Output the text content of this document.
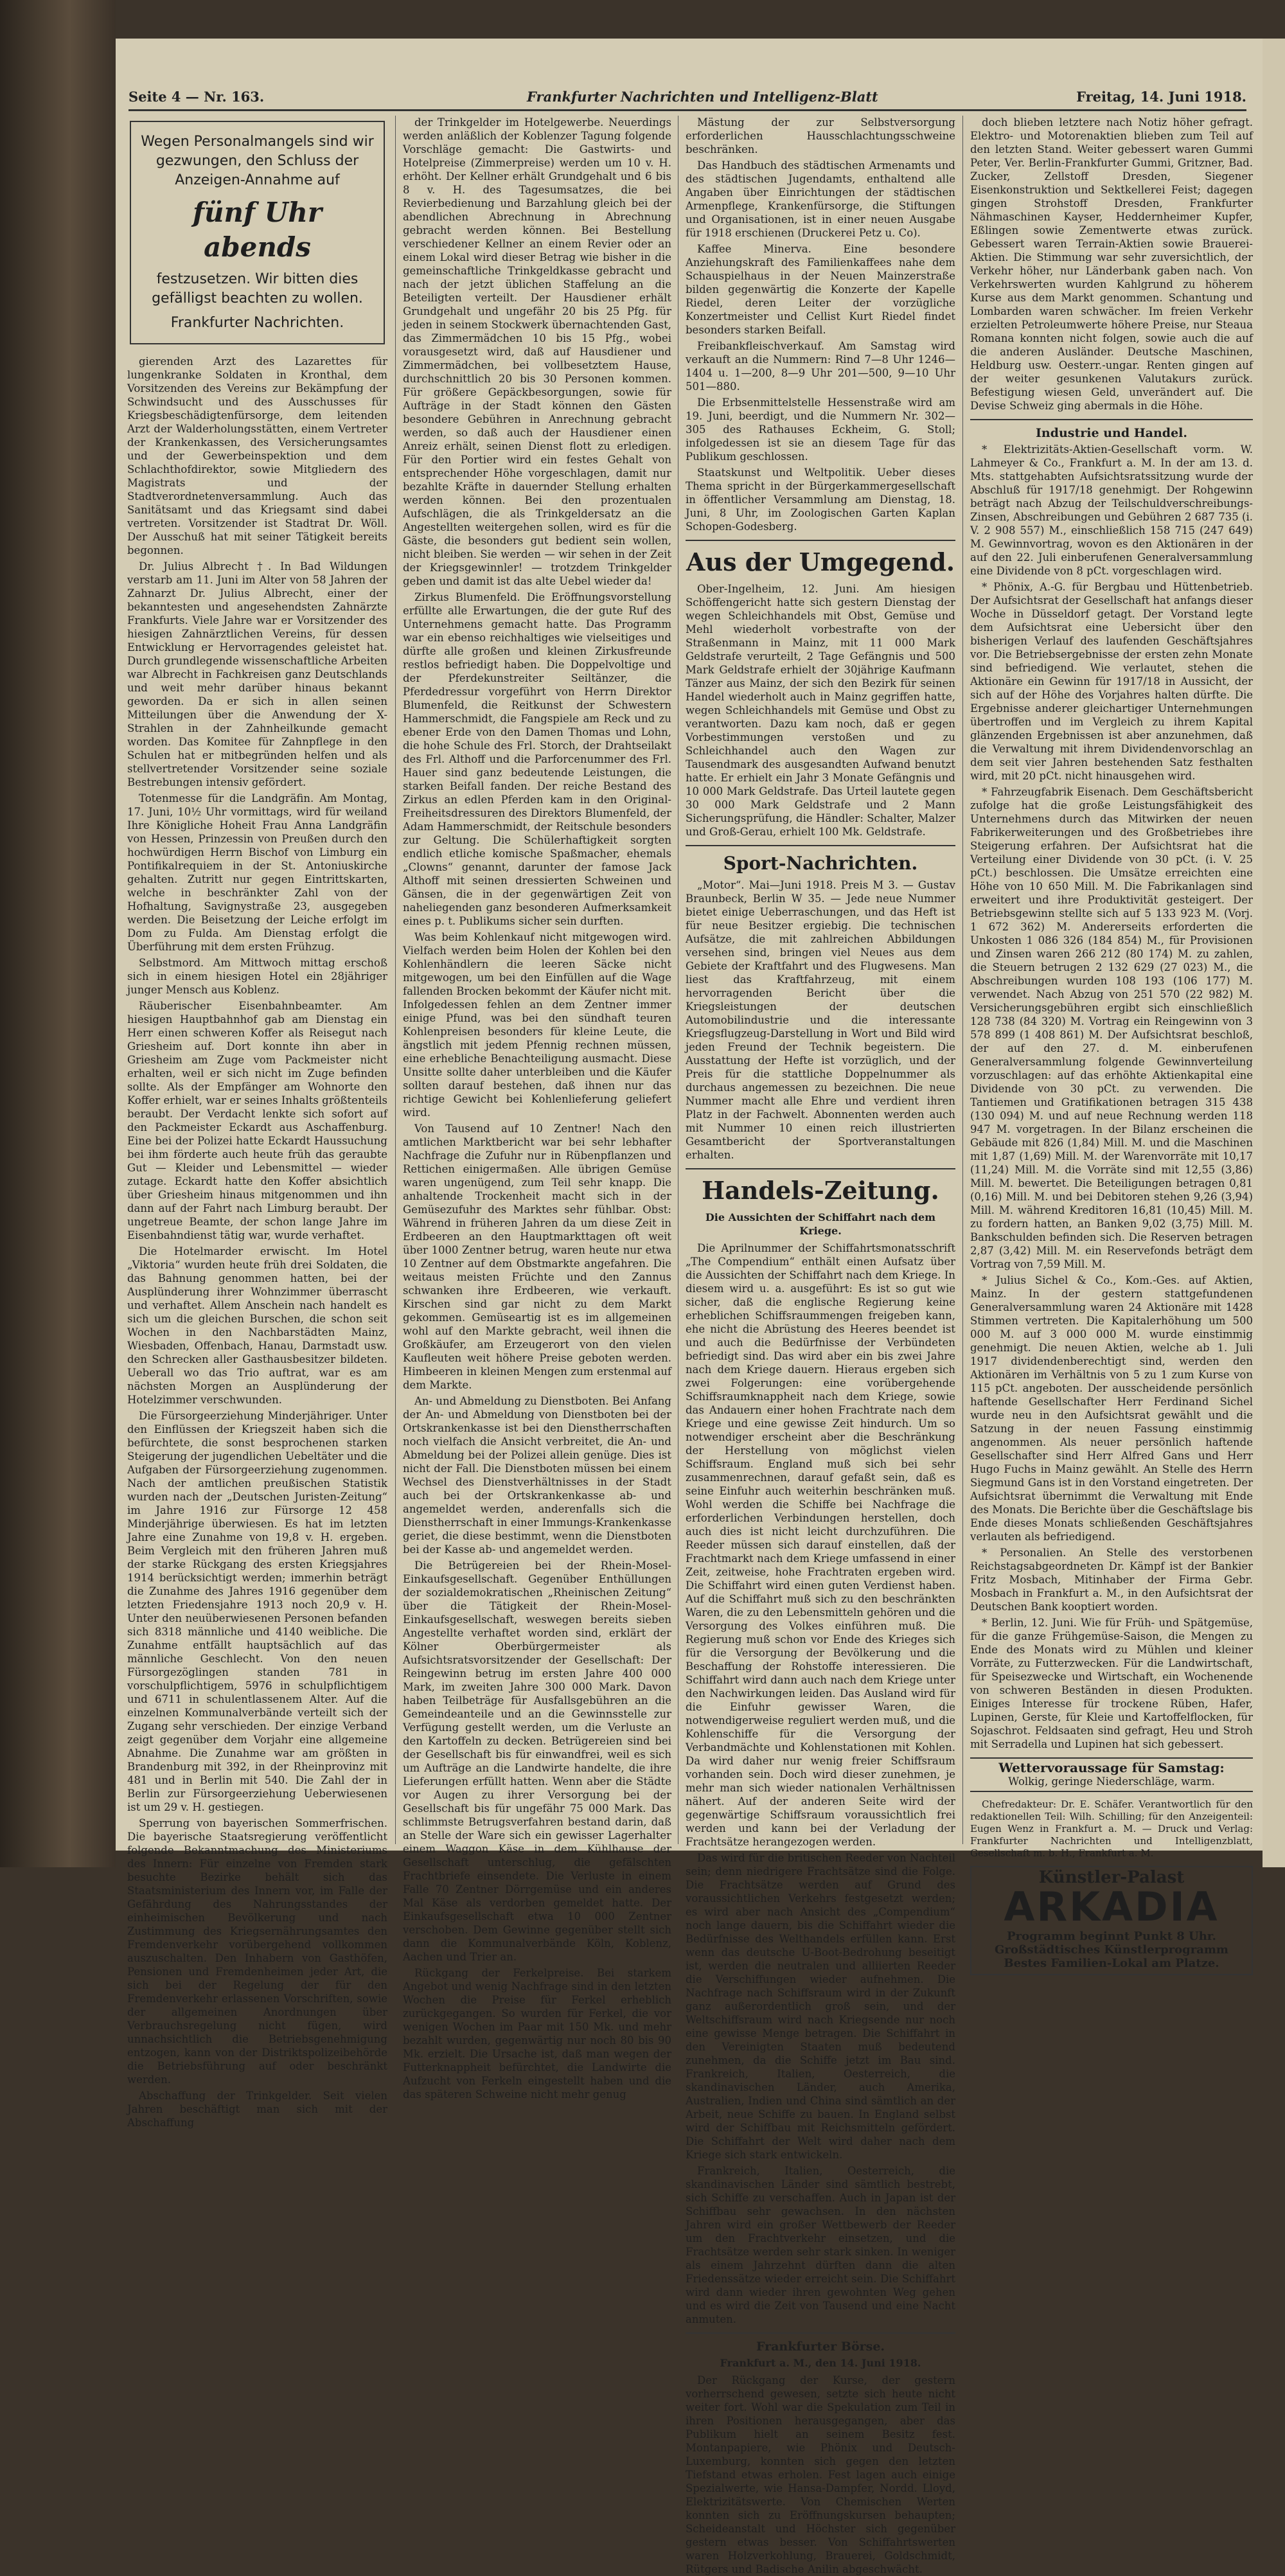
Seite 4 — Nr. 163.	Frankfurter Nachrichten und Intelligenz-Blatt	Freitag, 14. Juni 1918.
Wegen Personalmangels sind wir gezwungen, den Schluss der Anzeigen-Annahme auf
fünf Uhr abends
festzusetzen. Wir bitten dies gefälligst beachten zu wollen.
Frankfurter Nachrichten.

gierenden Arzt des Lazarettes für lungenkranke Soldaten in Kronthal, dem Vorsitzenden des Vereins zur Bekämpfung der Schwindsucht und des Ausschusses für Kriegsbeschädigtenfürsorge, dem leitenden Arzt der Walderholungsstätten, einem Vertreter der Krankenkassen, des Versicherungsamtes und der Gewerbeinspektion und dem Schlachthofdirektor, sowie Mitgliedern des Magistrats und der Stadtverordnetenversammlung. Auch das Sanitätsamt und das Kriegsamt sind dabei vertreten. Vorsitzender ist Stadtrat Dr. Wöll. Der Ausschuß hat mit seiner Tätigkeit bereits begonnen.

Dr. Julius Albrecht †. In Bad Wildungen verstarb am 11. Juni im Alter von 58 Jahren der Zahnarzt Dr. Julius Albrecht, einer der bekanntesten und angesehendsten Zahnärzte Frankfurts. Viele Jahre war er Vorsitzender des hiesigen Zahnärztlichen Vereins, für dessen Entwicklung er Hervorragendes geleistet hat. Durch grundlegende wissenschaftliche Arbeiten war Albrecht in Fachkreisen ganz Deutschlands und weit mehr darüber hinaus bekannt geworden. Da er sich in allen seinen Mitteilungen über die Anwendung der X-Strahlen in der Zahnheilkunde gemacht worden. Das Komitee für Zahnpflege in den Schulen hat er mitbegründen helfen und als stellvertretender Vorsitzender seine soziale Bestrebungen intensiv gefördert.

Totenmesse für die Landgräfin. Am Montag, 17. Juni, 10½ Uhr vormittags, wird für weiland Ihre Königliche Hoheit Frau Anna Landgräfin von Hessen, Prinzessin von Preußen durch den hochwürdigen Herrn Bischof von Limburg ein Pontifikalrequiem in der St. Antoniuskirche gehalten. Zutritt nur gegen Eintrittskarten, welche in beschränkter Zahl von der Hofhaltung, Savignystraße 23, ausgegeben werden. Die Beisetzung der Leiche erfolgt im Dom zu Fulda. Am Dienstag erfolgt die Überführung mit dem ersten Frühzug.

Selbstmord. Am Mittwoch mittag erschoß sich in einem hiesigen Hotel ein 28jähriger junger Mensch aus Koblenz.

Räuberischer Eisenbahnbeamter. Am hiesigen Hauptbahnhof gab am Dienstag ein Herr einen schweren Koffer als Reisegut nach Griesheim auf. Dort konnte ihn aber in Griesheim am Zuge vom Packmeister nicht erhalten, weil er sich nicht im Zuge befinden sollte. Als der Empfänger am Wohnorte den Koffer erhielt, war er seines Inhalts größtenteils beraubt. Der Verdacht lenkte sich sofort auf den Packmeister Eckardt aus Aschaffenburg. Eine bei der Polizei hatte Eckardt Haussuchung bei ihm förderte auch heute früh das geraubte Gut — Kleider und Lebensmittel — wieder zutage. Eckardt hatte den Koffer absichtlich über Griesheim hinaus mitgenommen und ihn dann auf der Fahrt nach Limburg beraubt. Der ungetreue Beamte, der schon lange Jahre im Eisenbahndienst tätig war, wurde verhaftet.

Die Hotelmarder erwischt. Im Hotel „Viktoria“ wurden heute früh drei Soldaten, die das Bahnung genommen hatten, bei der Ausplünderung ihrer Wohnzimmer überrascht und verhaftet. Allem Anschein nach handelt es sich um die gleichen Burschen, die schon seit Wochen in den Nachbarstädten Mainz, Wiesbaden, Offenbach, Hanau, Darmstadt usw. den Schrecken aller Gasthausbesitzer bildeten. Ueberall wo das Trio auftrat, war es am nächsten Morgen an Ausplünderung der Hotelzimmer verschwunden.

Die Fürsorgeerziehung Minderjähriger. Unter den Einflüssen der Kriegszeit haben sich die befürchtete, die sonst besprochenen starken Steigerung der jugendlichen Uebeltäter und die Aufgaben der Fürsorgeerziehung zugenommen. Nach der amtlichen preußischen Statistik wurden nach der „Deutschen Juristen-Zeitung“ im Jahre 1916 zur Fürsorge 12 458 Minderjährige überwiesen. Es hat im letzten Jahre eine Zunahme von 19,8 v. H. ergeben. Beim Vergleich mit den früheren Jahren muß der starke Rückgang des ersten Kriegsjahres 1914 berücksichtigt werden; immerhin beträgt die Zunahme des Jahres 1916 gegenüber dem letzten Friedensjahre 1913 noch 20,9 v. H. Unter den neuüberwiesenen Personen befanden sich 8318 männliche und 4140 weibliche. Die Zunahme entfällt hauptsächlich auf das männliche Geschlecht. Von den neuen Fürsorgezöglingen standen 781 in vorschulpflichtigem, 5976 in schulpflichtigem und 6711 in schulentlassenem Alter. Auf die einzelnen Kommunalverbände verteilt sich der Zugang sehr verschieden. Der einzige Verband zeigt gegenüber dem Vorjahr eine allgemeine Abnahme. Die Zunahme war am größten in Brandenburg mit 392, in der Rheinprovinz mit 481 und in Berlin mit 540. Die Zahl der in Berlin zur Fürsorgeerziehung Ueberwiesenen ist um 29 v. H. gestiegen.

Sperrung von bayerischen Sommerfrischen. Die bayerische Staatsregierung veröffentlicht folgende Bekanntmachung des Ministeriums des Innern: Für einzelne von Fremden stark besuchte Bezirke behält sich das Staatsministerium des Innern vor, im Falle der Gefährdung des Nahrungsstandes der einheimischen Bevölkerung und nach Zustimmung des Kriegsernährungsamtes den Fremdenverkehr vorübergehend vollkommen auszuschalten. Den Inhabern von Gasthöfen, Pensionen und Fremdenheimen jeder Art, die sich bei der Regelung der für den Fremdenverkehr erlassenen Vorschriften, sowie der allgemeinen Anordnungen über Verbrauchsregelung nicht fügen, wird unnachsichtlich die Betriebsgenehmigung entzogen, kann von der Distriktspolizeibehörde die Betriebsführung auf oder beschränkt werden.

Abschaffung der Trinkgelder. Seit vielen Jahren beschäftigt man sich mit der Abschaffung

der Trinkgelder im Hotelgewerbe. Neuerdings werden anläßlich der Koblenzer Tagung folgende Vorschläge gemacht: Die Gastwirts- und Hotelpreise (Zimmerpreise) werden um 10 v. H. erhöht. Der Kellner erhält Grundgehalt und 6 bis 8 v. H. des Tagesumsatzes, die bei Revierbedienung und Barzahlung gleich bei der abendlichen Abrechnung in Abrechnung gebracht werden können. Bei Bestellung verschiedener Kellner an einem Revier oder an einem Lokal wird dieser Betrag wie bisher in die gemeinschaftliche Trinkgeldkasse gebracht und nach der jetzt üblichen Staffelung an die Beteiligten verteilt. Der Hausdiener erhält Grundgehalt und ungefähr 20 bis 25 Pfg. für jeden in seinem Stockwerk übernachtenden Gast, das Zimmermädchen 10 bis 15 Pfg., wobei vorausgesetzt wird, daß auf Hausdiener und Zimmermädchen, bei vollbesetztem Hause, durchschnittlich 20 bis 30 Personen kommen. Für größere Gepäckbesorgungen, sowie für Aufträge in der Stadt können den Gästen besondere Gebühren in Anrechnung gebracht werden, so daß auch der Hausdiener einen Anreiz erhält, seinen Dienst flott zu erledigen. Für den Portier wird ein festes Gehalt von entsprechender Höhe vorgeschlagen, damit nur bezahlte Kräfte in dauernder Stellung erhalten werden können. Bei den prozentualen Aufschlägen, die als Trinkgeldersatz an die Angestellten weitergehen sollen, wird es für die Gäste, die besonders gut bedient sein wollen, nicht bleiben. Sie werden — wir sehen in der Zeit der Kriegsgewinnler! — trotzdem Trinkgelder geben und damit ist das alte Uebel wieder da!

Zirkus Blumenfeld. Die Eröffnungsvorstellung erfüllte alle Erwartungen, die der gute Ruf des Unternehmens gemacht hatte. Das Programm war ein ebenso reichhaltiges wie vielseitiges und dürfte alle großen und kleinen Zirkusfreunde restlos befriedigt haben. Die Doppelvoltige und der Pferdekunstreiter Seiltänzer, die Pferdedressur vorgeführt von Herrn Direktor Blumenfeld, die Reitkunst der Schwestern Hammerschmidt, die Fangspiele am Reck und zu ebener Erde von den Damen Thomas und Lohn, die hohe Schule des Frl. Storch, der Drahtseilakt des Frl. Althoff und die Parforcenummer des Frl. Hauer sind ganz bedeutende Leistungen, die starken Beifall fanden. Der reiche Bestand des Zirkus an edlen Pferden kam in den Original-Freiheitsdressuren des Direktors Blumenfeld, der Adam Hammerschmidt, der Reitschule besonders zur Geltung. Die Schülerhaftigkeit sorgten endlich etliche komische Spaßmacher, ehemals „Clowns“ genannt, darunter der famose Jack Althoff mit seinen dressierten Schweinen und Gänsen, die in der gegenwärtigen Zeit von naheliegenden ganz besonderen Aufmerksamkeit eines p. t. Publikums sicher sein durften.

Was beim Kohlenkauf nicht mitgewogen wird. Vielfach werden beim Holen der Kohlen bei den Kohlenhändlern die leeren Säcke nicht mitgewogen, um bei den Einfüllen auf die Wage fallenden Brocken bekommt der Käufer nicht mit. Infolgedessen fehlen an dem Zentner immer einige Pfund, was bei den sündhaft teuren Kohlenpreisen besonders für kleine Leute, die ängstlich mit jedem Pfennig rechnen müssen, eine erhebliche Benachteiligung ausmacht. Diese Unsitte sollte daher unterbleiben und die Käufer sollten darauf bestehen, daß ihnen nur das richtige Gewicht bei Kohlenlieferung geliefert wird.

Von Tausend auf 10 Zentner! Nach den amtlichen Marktbericht war bei sehr lebhafter Nachfrage die Zufuhr nur in Rübenpflanzen und Rettichen einigermaßen. Alle übrigen Gemüse waren ungenügend, zum Teil sehr knapp. Die anhaltende Trockenheit macht sich in der Gemüsezufuhr des Marktes sehr fühlbar. Obst: Während in früheren Jahren da um diese Zeit in Erdbeeren an den Hauptmarkttagen oft weit über 1000 Zentner betrug, waren heute nur etwa 10 Zentner auf dem Obstmarkte angefahren. Die weitaus meisten Früchte und den Zannus schwanken ihre Erdbeeren, wie verkauft. Kirschen sind gar nicht zu dem Markt gekommen. Gemüseartig ist es im allgemeinen wohl auf den Markte gebracht, weil ihnen die Großkäufer, am Erzeugerort von den vielen Kaufleuten weit höhere Preise geboten werden. Himbeeren in kleinen Mengen zum erstenmal auf dem Markte.

An- und Abmeldung zu Dienstboten. Bei Anfang der An- und Abmeldung von Dienstboten bei der Ortskrankenkasse ist bei den Dienstherrschaften noch vielfach die Ansicht verbreitet, die An- und Abmeldung bei der Polizei allein genüge. Dies ist nicht der Fall. Die Dienstboten müssen bei einem Wechsel des Dienstverhältnisses in der Stadt auch bei der Ortskrankenkasse ab- und angemeldet werden, anderenfalls sich die Dienstherrschaft in einer Immungs-Krankenkasse geriet, die diese bestimmt, wenn die Dienstboten bei der Kasse ab- und angemeldet werden.

Die Betrügereien bei der Rhein-Mosel-Einkaufsgesellschaft. Gegenüber Enthüllungen der sozialdemokratischen „Rheinischen Zeitung“ über die Tätigkeit der Rhein-Mosel-Einkaufsgesellschaft, weswegen bereits sieben Angestellte verhaftet worden sind, erklärt der Kölner Oberbürgermeister als Aufsichtsratsvorsitzender der Gesellschaft: Der Reingewinn betrug im ersten Jahre 400 000 Mark, im zweiten Jahre 300 000 Mark. Davon haben Teilbeträge für Ausfallsgebühren an die Gemeindeanteile und an die Gewinnsstelle zur Verfügung gestellt werden, um die Verluste an den Kartoffeln zu decken. Betrügereien sind bei der Gesellschaft bis für einwandfrei, weil es sich um Aufträge an die Landwirte handelte, die ihre Lieferungen erfüllt hatten. Wenn aber die Städte vor Augen zu ihrer Versorgung bei der Gesellschaft bis für ungefähr 75 000 Mark. Das schlimmste Betrugsverfahren bestand darin, daß an Stelle der Ware sich ein gewisser Lagerhalter einem Waggon Käse in dem Kühlhause der Gesellschaft unterschlug, die gefälschten Frachtbriefe einsendete. Die Verluste in einem Falle 70 Zentner Dörrgemüse und ein anderes Mal Käse als verdorben gemeldet hatte. Der Einkaufsgesellschaft etwa 10 000 Zentner verschoben. Dem Gewinne gegenüber stellt sich dann die Kommunalverbände Köln, Koblenz, Aachen und Trier an.

Rückgang der Ferkelpreise. Bei starkem Angebot und wenig Nachfrage sind in den letzten Wochen die Preise für Ferkel erheblich zurückgegangen. So wurden für Ferkel, die vor wenigen Wochen im Paar mit 150 Mk. und mehr bezahlt wurden, gegenwärtig nur noch 80 bis 90 Mk. erzielt. Die Ursache ist, daß man wegen der Futterknappheit befürchtet, die Landwirte die Aufzucht von Ferkeln eingestellt haben und die das späteren Schweine nicht mehr genug

Mästung der zur Selbstversorgung erforderlichen Hausschlachtungsschweine beschränken.

Das Handbuch des städtischen Armenamts und des städtischen Jugendamts, enthaltend alle Angaben über Einrichtungen der städtischen Armenpflege, Krankenfürsorge, die Stiftungen und Organisationen, ist in einer neuen Ausgabe für 1918 erschienen (Druckerei Petz u. Co).

Kaffee Minerva. Eine besondere Anziehungskraft des Familienkaffees nahe dem Schauspielhaus in der Neuen Mainzerstraße bilden gegenwärtig die Konzerte der Kapelle Riedel, deren Leiter der vorzügliche Konzertmeister und Cellist Kurt Riedel findet besonders starken Beifall.

Freibankfleischverkauf. Am Samstag wird verkauft an die Nummern: Rind 7—8 Uhr 1246—1404 u. 1—200, 8—9 Uhr 201—500, 9—10 Uhr 501—880.

Die Erbsenmittelstelle Hessenstraße wird am 19. Juni, beerdigt, und die Nummern Nr. 302—305 des Rathauses Eckheim, G. Stoll; infolgedessen ist sie an diesem Tage für das Publikum geschlossen.

Staatskunst und Weltpolitik. Ueber dieses Thema spricht in der Bürgerkammergesellschaft in öffentlicher Versammlung am Dienstag, 18. Juni, 8 Uhr, im Zoologischen Garten Kaplan Schopen-Godesberg.

Aus der Umgegend.

Ober-Ingelheim, 12. Juni. Am hiesigen Schöffengericht hatte sich gestern Dienstag der wegen Schleichhandels mit Obst, Gemüse und Mehl wiederholt vorbestrafte von der Straßenmann in Mainz, mit 11 000 Mark Geldstrafe verurteilt, 2 Tage Gefängnis und 500 Mark Geldstrafe erhielt der 30jährige Kaufmann Tänzer aus Mainz, der sich den Bezirk für seinen Handel wiederholt auch in Mainz gegriffen hatte, wegen Schleichhandels mit Gemüse und Obst zu verantworten. Dazu kam noch, daß er gegen Vorbestimmungen verstoßen und zu Schleichhandel auch den Wagen zur Tausendmark des ausgesandten Aufwand benutzt hatte. Er erhielt ein Jahr 3 Monate Gefängnis und 10 000 Mark Geldstrafe. Das Urteil lautete gegen 30 000 Mark Geldstrafe und 2 Mann Sicherungsprüfung, die Händler: Schalter, Malzer und Groß-Gerau, erhielt 100 Mk. Geldstrafe.

Sport-Nachrichten.

„Motor“. Mai—Juni 1918. Preis M 3. — Gustav Braunbeck, Berlin W 35. — Jede neue Nummer bietet einige Ueberraschungen, und das Heft ist für neue Besitzer ergiebig. Die technischen Aufsätze, die mit zahlreichen Abbildungen versehen sind, bringen viel Neues aus dem Gebiete der Kraftfahrt und des Flugwesens. Man liest das Kraftfahrzeug, mit einem hervorragenden Bericht über die Kriegsleistungen der deutschen Automobilindustrie und die interessante Kriegsflugzeug-Darstellung in Wort und Bild wird jeden Freund der Technik begeistern. Die Ausstattung der Hefte ist vorzüglich, und der Preis für die stattliche Doppelnummer als durchaus angemessen zu bezeichnen. Die neue Nummer macht alle Ehre und verdient ihren Platz in der Fachwelt. Abonnenten werden auch mit Nummer 10 einen reich illustrierten Gesamtbericht der Sportveranstaltungen erhalten.

Handels-Zeitung.
Die Aussichten der Schiffahrt nach dem Kriege.

Die Aprilnummer der Schiffahrtsmonatsschrift „The Compendium“ enthält einen Aufsatz über die Aussichten der Schiffahrt nach dem Kriege. In diesem wird u. a. ausgeführt: Es ist so gut wie sicher, daß die englische Regierung keine erheblichen Schiffsraummengen freigeben kann, ehe nicht die Abrüstung des Heeres beendet ist und auch die Bedürfnisse der Verbündeten befriedigt sind. Das wird aber ein bis zwei Jahre nach dem Kriege dauern. Hieraus ergeben sich zwei Folgerungen: eine vorübergehende Schiffsraumknappheit nach dem Kriege, sowie das Andauern einer hohen Frachtrate nach dem Kriege und eine gewisse Zeit hindurch. Um so notwendiger erscheint aber die Beschränkung der Herstellung von möglichst vielen Schiffsraum. England muß sich bei sehr zusammenrechnen, darauf gefaßt sein, daß es seine Einfuhr auch weiterhin beschränken muß. Wohl werden die Schiffe bei Nachfrage die erforderlichen Verbindungen herstellen, doch auch dies ist nicht leicht durchzuführen. Die Reeder müssen sich darauf einstellen, daß der Frachtmarkt nach dem Kriege umfassend in einer Zeit, zeitweise, hohe Frachtraten ergeben wird. Die Schiffahrt wird einen guten Verdienst haben. Auf die Schiffahrt muß sich zu den beschränkten Waren, die zu den Lebensmitteln gehören und die Versorgung des Volkes einführen muß. Die Regierung muß schon vor Ende des Krieges sich für die Versorgung der Bevölkerung und die Beschaffung der Rohstoffe interessieren. Die Schiffahrt wird dann auch nach dem Kriege unter den Nachwirkungen leiden. Das Ausland wird für die Einfuhr gewisser Waren, die notwendigerweise reguliert werden muß, und die Kohlenschiffe für die Versorgung der Verbandmächte und Kohlenstationen mit Kohlen. Da wird daher nur wenig freier Schiffsraum vorhanden sein. Doch wird dieser zunehmen, je mehr man sich wieder nationalen Verhältnissen nähert. Auf der anderen Seite wird der gegenwärtige Schiffsraum voraussichtlich frei werden und kann bei der Verladung der Frachtsätze herangezogen werden.

Das wird für die britischen Reeder von Nachteil sein; denn niedrigere Frachtsätze sind die Folge. Die Frachtsätze werden auf Grund des voraussichtlichen Verkehrs festgesetzt werden; es wird aber nach Ansicht des „Compendium“ noch lange dauern, bis die Schiffahrt wieder die Bedürfnisse des Welthandels erfüllen kann. Erst wenn das deutsche U-Boot-Bedrohung beseitigt ist, werden die neutralen und alliierten Reeder die Verschiffungen wieder aufnehmen. Die Nachfrage nach Schiffsraum wird in der Zukunft ganz außerordentlich groß sein, und der Weltschiffsraum wird nach Kriegsende nur noch eine gewisse Menge betragen. Die Schiffahrt in den Vereinigten Staaten muß bedeutend zunehmen, da die Schiffe jetzt im Bau sind. Frankreich, Italien, Oesterreich, die skandinavischen Länder, auch Amerika, Australien, Indien und China sind sämtlich an der Arbeit, neue Schiffe zu bauen. In England selbst wird der Schiffbau mit Reichsmitteln gefördert. Die Schiffahrt der Welt wird daher nach dem Kriege sich stark entwickeln.

Frankreich, Italien, Oesterreich, die skandinavischen Länder sind sämtlich bestrebt, sich Schiffe zu verschaffen. Auch in Japan ist der Schiffbau sehr gewachsen. In den nächsten Jahren wird ein großer Wettbewerb der Reeder um den Frachtverkehr einsetzen, und die Frachtsätze werden sehr stark sinken. In weniger als einem Jahrzehnt dürften dann die alten Friedenssätze wieder erreicht sein. Die Schiffahrt wird dann wieder ihren gewohnten Weg gehen und es wird die Zeit von Tausend und eine Nacht anmuten.

Frankfurter Börse.
Frankfurt a. M., den 14. Juni 1918.

Der Rückgang der Kurse, der gestern vorherrschend gewesen, setzte sich heute nicht weiter fort. Wohl war die Spekulation zum Teil in ihren Positionen herausgegangen, aber das Publikum hielt an seinem Besitz fest. Montanpapiere, wie Phönix und Deutsch-Luxemburg, konnten sich gegen den letzten Tiefstand etwas erholen. Fest lagen auch einige Spezialwerte, wie Hansa-Dampfer, Nordd. Lloyd, Elektrizitätswerte. Von Chemischen Werten konnten sich zu Eröffnungskursen behaupten; Scheideanstalt und Höchster sich gegenüber gestern etwas besser. Von Schiffahrtswerten waren Holzverkohlung, Brauerei, Goldschmidt, Rütgers und Badische Anilin abgeschwächt.

doch blieben letztere nach Notiz höher gefragt. Elektro- und Motorenaktien blieben zum Teil auf den letzten Stand. Weiter gebessert waren Gummi Peter, Ver. Berlin-Frankfurter Gummi, Gritzner, Bad. Zucker, Zellstoff Dresden, Siegener Eisenkonstruktion und Sektkellerei Feist; dagegen gingen Strohstoff Dresden, Frankfurter Nähmaschinen Kayser, Heddernheimer Kupfer, Eßlingen sowie Zementwerte etwas zurück. Gebessert waren Terrain-Aktien sowie Brauerei-Aktien. Die Stimmung war sehr zuversichtlich, der Verkehr höher, nur Länderbank gaben nach. Von Verkehrswerten wurden Kahlgrund zu höherem Kurse aus dem Markt genommen. Schantung und Lombarden waren schwächer. Im freien Verkehr erzielten Petroleumwerte höhere Preise, nur Steaua Romana konnten nicht folgen, sowie auch die auf die anderen Ausländer. Deutsche Maschinen, Heldburg usw. Oesterr.-ungar. Renten gingen auf der weiter gesunkenen Valutakurs zurück. Befestigung wiesen Geld, unverändert auf. Die Devise Schweiz ging abermals in die Höhe.

Industrie und Handel.

* Elektrizitäts-Aktien-Gesellschaft vorm. W. Lahmeyer & Co., Frankfurt a. M. In der am 13. d. Mts. stattgehabten Aufsichtsratssitzung wurde der Abschluß für 1917/18 genehmigt. Der Rohgewinn beträgt nach Abzug der Teilschuldverschreibungs-Zinsen, Abschreibungen und Gebühren 2 687 735 (i. V. 2 908 557) M., einschließlich 158 715 (247 649) M. Gewinnvortrag, wovon es den Aktionären in der auf den 22. Juli einberufenen Generalversammlung eine Dividende von 8 pCt. vorgeschlagen wird.

* Phönix, A.-G. für Bergbau und Hüttenbetrieb. Der Aufsichtsrat der Gesellschaft hat anfangs dieser Woche in Düsseldorf getagt. Der Vorstand legte dem Aufsichtsrat eine Uebersicht über den bisherigen Verlauf des laufenden Geschäftsjahres vor. Die Betriebsergebnisse der ersten zehn Monate sind befriedigend. Wie verlautet, stehen die Aktionäre ein Gewinn für 1917/18 in Aussicht, der sich auf der Höhe des Vorjahres halten dürfte. Die Ergebnisse anderer gleichartiger Unternehmungen übertroffen und im Vergleich zu ihrem Kapital glänzenden Ergebnissen ist aber anzunehmen, daß die Verwaltung mit ihrem Dividendenvorschlag an dem seit vier Jahren bestehenden Satz festhalten wird, mit 20 pCt. nicht hinausgehen wird.

* Fahrzeugfabrik Eisenach. Dem Geschäftsbericht zufolge hat die große Leistungsfähigkeit des Unternehmens durch das Mitwirken der neuen Fabrikerweiterungen und des Großbetriebes ihre Steigerung erfahren. Der Aufsichtsrat hat die Verteilung einer Dividende von 30 pCt. (i. V. 25 pCt.) beschlossen. Die Umsätze erreichten eine Höhe von 10 650 Mill. M. Die Fabrikanlagen sind erweitert und ihre Produktivität gesteigert. Der Betriebsgewinn stellte sich auf 5 133 923 M. (Vorj. 1 672 362) M. Andererseits erforderten die Unkosten 1 086 326 (184 854) M., für Provisionen und Zinsen waren 266 212 (80 174) M. zu zahlen, die Steuern betrugen 2 132 629 (27 023) M., die Abschreibungen wurden 108 193 (106 177) M. verwendet. Nach Abzug von 251 570 (22 982) M. Versicherungsgebühren ergibt sich einschließlich 128 738 (84 320) M. Vortrag ein Reingewinn von 3 578 899 (1 408 861) M. Der Aufsichtsrat beschloß, der auf den 27. d. M. einberufenen Generalversammlung folgende Gewinnverteilung vorzuschlagen: auf das erhöhte Aktienkapital eine Dividende von 30 pCt. zu verwenden. Die Tantiemen und Gratifikationen betragen 315 438 (130 094) M. und auf neue Rechnung werden 118 947 M. vorgetragen. In der Bilanz erscheinen die Gebäude mit 826 (1,84) Mill. M. und die Maschinen mit 1,87 (1,69) Mill. M. der Warenvorräte mit 10,17 (11,24) Mill. M. die Vorräte sind mit 12,55 (3,86) Mill. M. bewertet. Die Beteiligungen betragen 0,81 (0,16) Mill. M. und bei Debitoren stehen 9,26 (3,94) Mill. M. während Kreditoren 16,81 (10,45) Mill. M. zu fordern hatten, an Banken 9,02 (3,75) Mill. M. Bankschulden befinden sich. Die Reserven betragen 2,87 (3,42) Mill. M. ein Reservefonds beträgt dem Vortrag von 7,59 Mill. M.

* Julius Sichel & Co., Kom.-Ges. auf Aktien, Mainz. In der gestern stattgefundenen Generalversammlung waren 24 Aktionäre mit 1428 Stimmen vertreten. Die Kapitalerhöhung um 500 000 M. auf 3 000 000 M. wurde einstimmig genehmigt. Die neuen Aktien, welche ab 1. Juli 1917 dividendenberechtigt sind, werden den Aktionären im Verhältnis von 5 zu 1 zum Kurse von 115 pCt. angeboten. Der ausscheidende persönlich haftende Gesellschafter Herr Ferdinand Sichel wurde neu in den Aufsichtsrat gewählt und die Satzung in der neuen Fassung einstimmig angenommen. Als neuer persönlich haftende Gesellschafter sind Herr Alfred Gans und Herr Hugo Fuchs in Mainz gewählt. An Stelle des Herrn Siegmund Gans ist in den Vorstand eingetreten. Der Aufsichtsrat übernimmt die Verwaltung mit Ende des Monats. Die Berichte über die Geschäftslage bis Ende dieses Monats schließenden Geschäftsjahres verlauten als befriedigend.

* Personalien. An Stelle des verstorbenen Reichstagsabgeordneten Dr. Kämpf ist der Bankier Fritz Mosbach, Mitinhaber der Firma Gebr. Mosbach in Frankfurt a. M., in den Aufsichtsrat der Deutschen Bank kooptiert worden.

* Berlin, 12. Juni. Wie für Früh- und Spätgemüse, für die ganze Frühgemüse-Saison, die Mengen zu Ende des Monats wird zu Mühlen und kleiner Vorräte, zu Futterzwecken. Für die Landwirtschaft, für Speisezwecke und Wirtschaft, ein Wochenende von schweren Beständen in diesen Produkten. Einiges Interesse für trockene Rüben, Hafer, Lupinen, Gerste, für Kleie und Kartoffelflocken, für Sojaschrot. Feldsaaten sind gefragt, Heu und Stroh mit Serradella und Lupinen hat sich gebessert.

Wettervoraussage für Samstag:
Wolkig, geringe Niederschläge, warm.

Chefredakteur: Dr. E. Schäfer. Verantwortlich für den redaktionellen Teil: Wilh. Schilling; für den Anzeigenteil: Eugen Wenz in Frankfurt a. M. — Druck und Verlag: Frankfurter Nachrichten und Intelligenzblatt, Gesellschaft m. b. H., Frankfurt a. M.

Künstler-Palast
ARKADIA
Programm beginnt Punkt 8 Uhr.
Großstädtisches Künstlerprogramm
Bestes Familien-Lokal am Platze.
